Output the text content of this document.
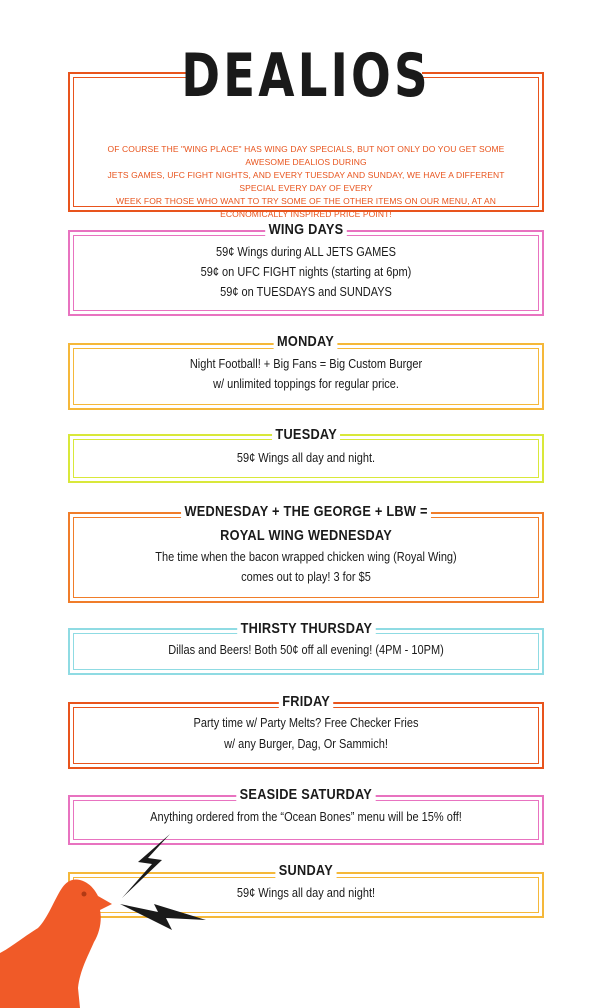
DEALIOS

OF COURSE THE "WING PLACE" HAS WING DAY SPECIALS, BUT NOT ONLY DO YOU GET SOME AWESOME DEALIOS DURING

JETS GAMES, UFC FIGHT NIGHTS, AND EVERY TUESDAY AND SUNDAY, WE HAVE A DIFFERENT SPECIAL EVERY DAY OF EVERY

WEEK FOR THOSE WHO WANT TO TRY SOME OF THE OTHER ITEMS ON OUR MENU, AT AN ECONOMICALLY INSPIRED PRICE POINT!

WING DAYS
59¢ Wings during ALL JETS GAMES
59¢ on UFC FIGHT nights (starting at 6pm)
59¢ on TUESDAYS and SUNDAYS
MONDAY
Night Football! + Big Fans = Big Custom Burger
w/ unlimited toppings for regular price.
TUESDAY
59¢ Wings all day and night.
WEDNESDAY + THE GEORGE + LBW =
ROYAL WING WEDNESDAY
The time when the bacon wrapped chicken wing (Royal Wing)
comes out to play! 3 for $5
THIRSTY THURSDAY
Dillas and Beers! Both 50¢ off all evening! (4PM - 10PM)
FRIDAY
Party time w/ Party Melts? Free Checker Fries
w/ any Burger, Dag, Or Sammich!
SEASIDE SATURDAY
Anything ordered from the “Ocean Bones” menu will be 15% off!
SUNDAY
59¢ Wings all day and night!
